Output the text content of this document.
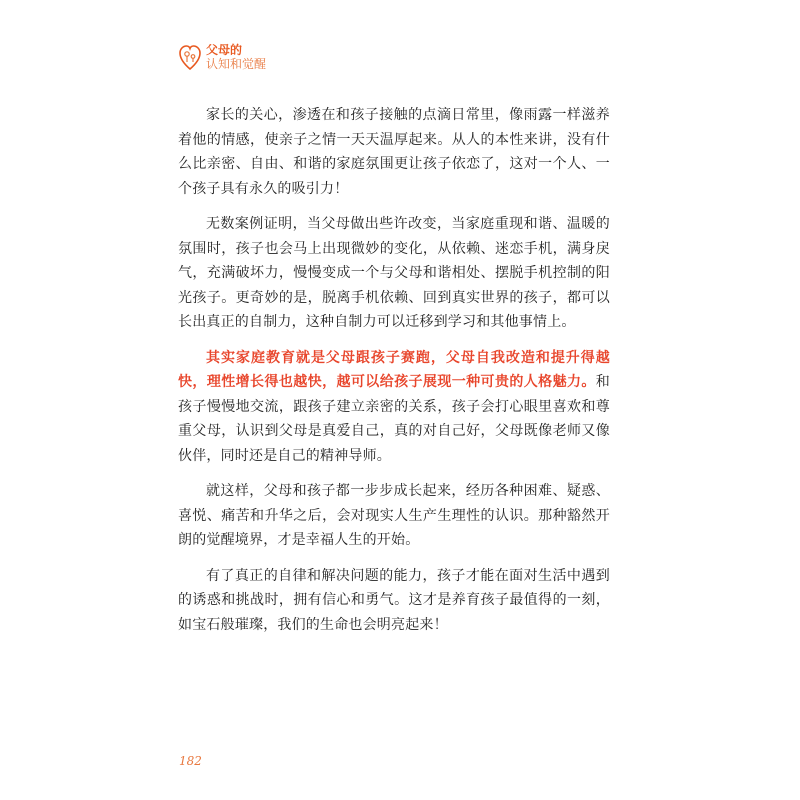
父母的
认知和觉醒

家长的关心，渗透在和孩子接触的点滴日常里，像雨露一样滋养着他的情感，使亲子之情一天天温厚起来。从人的本性来讲，没有什么比亲密、自由、和谐的家庭氛围更让孩子依恋了，这对一个人、一个孩子具有永久的吸引力！

无数案例证明，当父母做出些许改变，当家庭重现和谐、温暖的氛围时，孩子也会马上出现微妙的变化，从依赖、迷恋手机，满身戾气，充满破坏力，慢慢变成一个与父母和谐相处、摆脱手机控制的阳光孩子。更奇妙的是，脱离手机依赖、回到真实世界的孩子，都可以长出真正的自制力，这种自制力可以迁移到学习和其他事情上。

其实家庭教育就是父母跟孩子赛跑，父母自我改造和提升得越快，理性增长得也越快，越可以给孩子展现一种可贵的人格魅力。和孩子慢慢地交流，跟孩子建立亲密的关系，孩子会打心眼里喜欢和尊重父母，认识到父母是真爱自己，真的对自己好，父母既像老师又像伙伴，同时还是自己的精神导师。

就这样，父母和孩子都一步步成长起来，经历各种困难、疑惑、喜悦、痛苦和升华之后，会对现实人生产生理性的认识。那种豁然开朗的觉醒境界，才是幸福人生的开始。

有了真正的自律和解决问题的能力，孩子才能在面对生活中遇到的诱惑和挑战时，拥有信心和勇气。这才是养育孩子最值得的一刻，如宝石般璀璨，我们的生命也会明亮起来！

182
